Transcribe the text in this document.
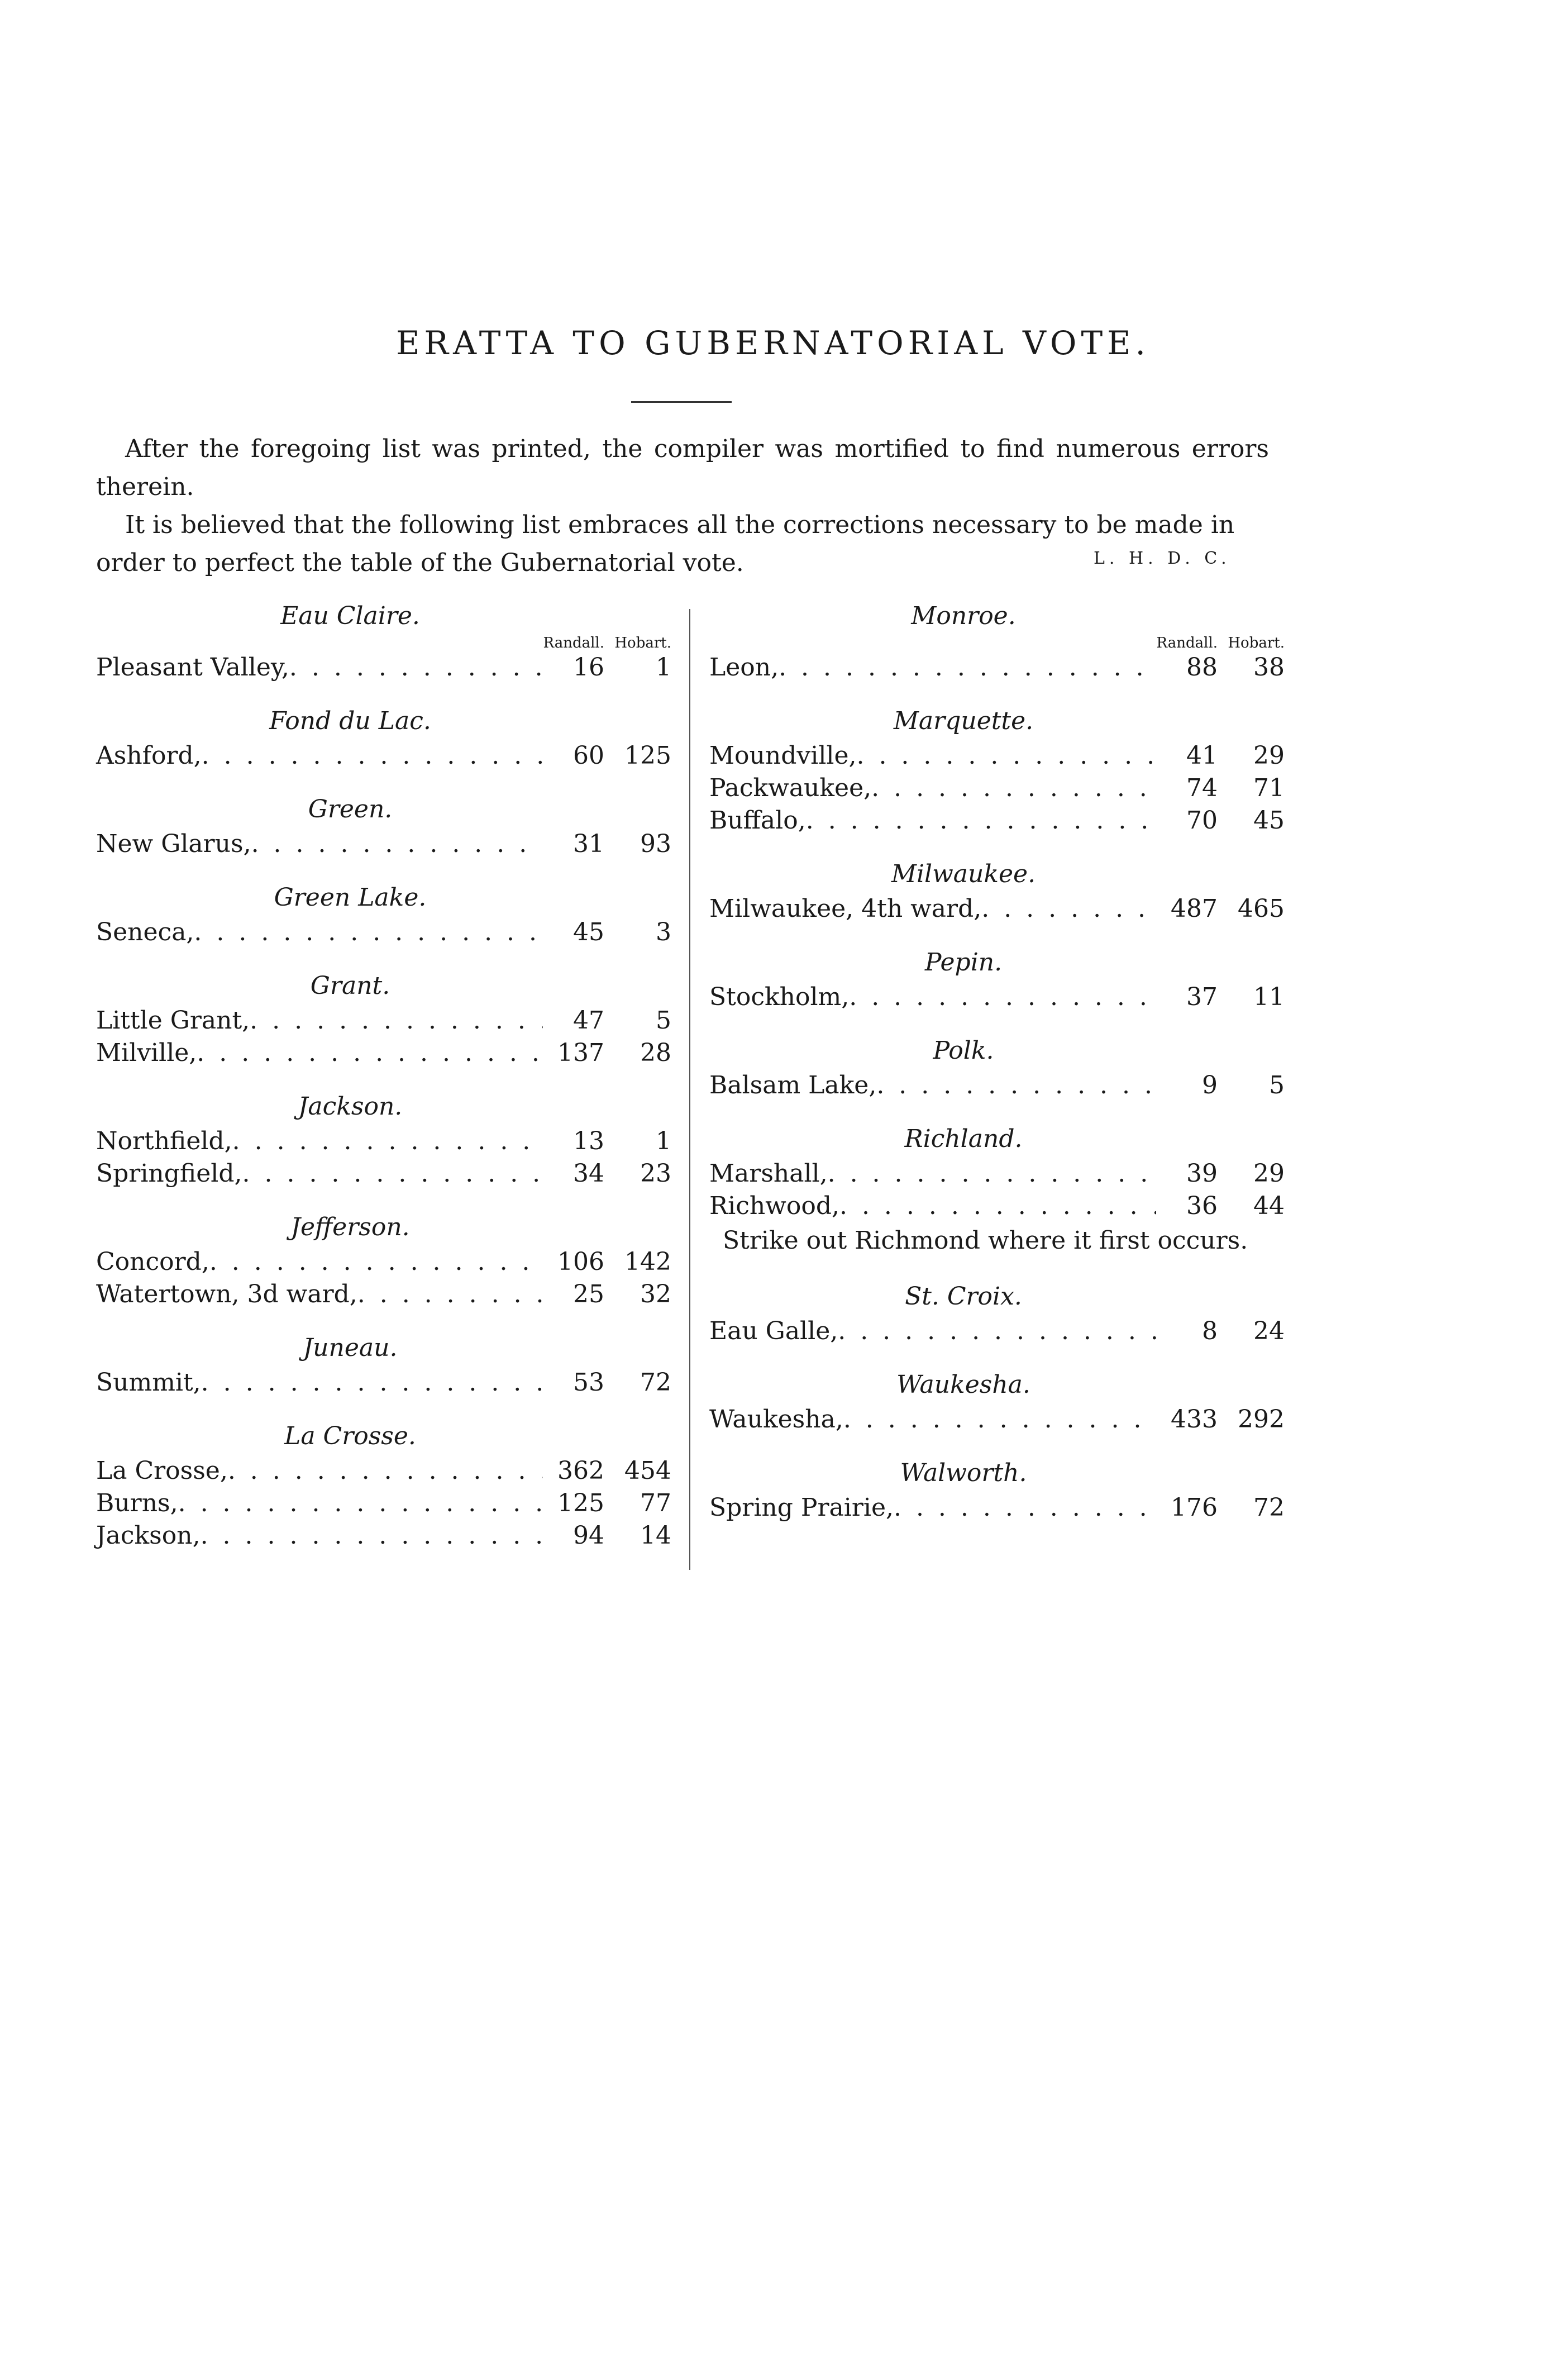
ERATTA TO GUBERNATORIAL VOTE.

After the foregoing list was printed, the compiler was mortified to find numerous errors therein.

It is believed that the following list embraces all the corrections necessary to be made in order to perfect the table of the Gubernatorial vote.	L. H. D. C.
Eau Claire.
Randall. Hobart.
Pleasant Valley, . . .	16	1
Fond du Lac.
Ashford, . . .	60 125
Green.
New Glarus, . . .	31	93
Green Lake.
Seneca, . . .	45	3
Grant.
Little Grant, . . .	47	5
Milville, . . .	137	28
Jackson.
Northfield, . . .	13	1
Springfield, . . .	34	23
Jefferson.
Concord, . . .	106 142
Watertown, 3d ward, . . .	25	32
Juneau.
Summit, . . .	53	72
La Crosse.
La Crosse, . . .	362 454
Burns, . . .	125	77
Jackson, . . .	94	14
Monroe.
Randall. Hobart.
Leon, . . .	88	38
Marquette.
Moundville, . . .	41	29
Packwaukee, . . .	74	71
Buffalo, . . .	70	45
Milwaukee.
Milwaukee, 4th ward, . . .	487 465
Pepin.
Stockholm, . . .	37	11
Polk.
Balsam Lake, . . .	9	5
Richland.
Marshall, . . .	39	29
Richwood, . . .	36	44
Strike out Richmond where it first occurs.
St. Croix.
Eau Galle, . . .	8	24
Waukesha.
Waukesha, . . .	433 292
Walworth.
Spring Prairie, . . .	176	72
